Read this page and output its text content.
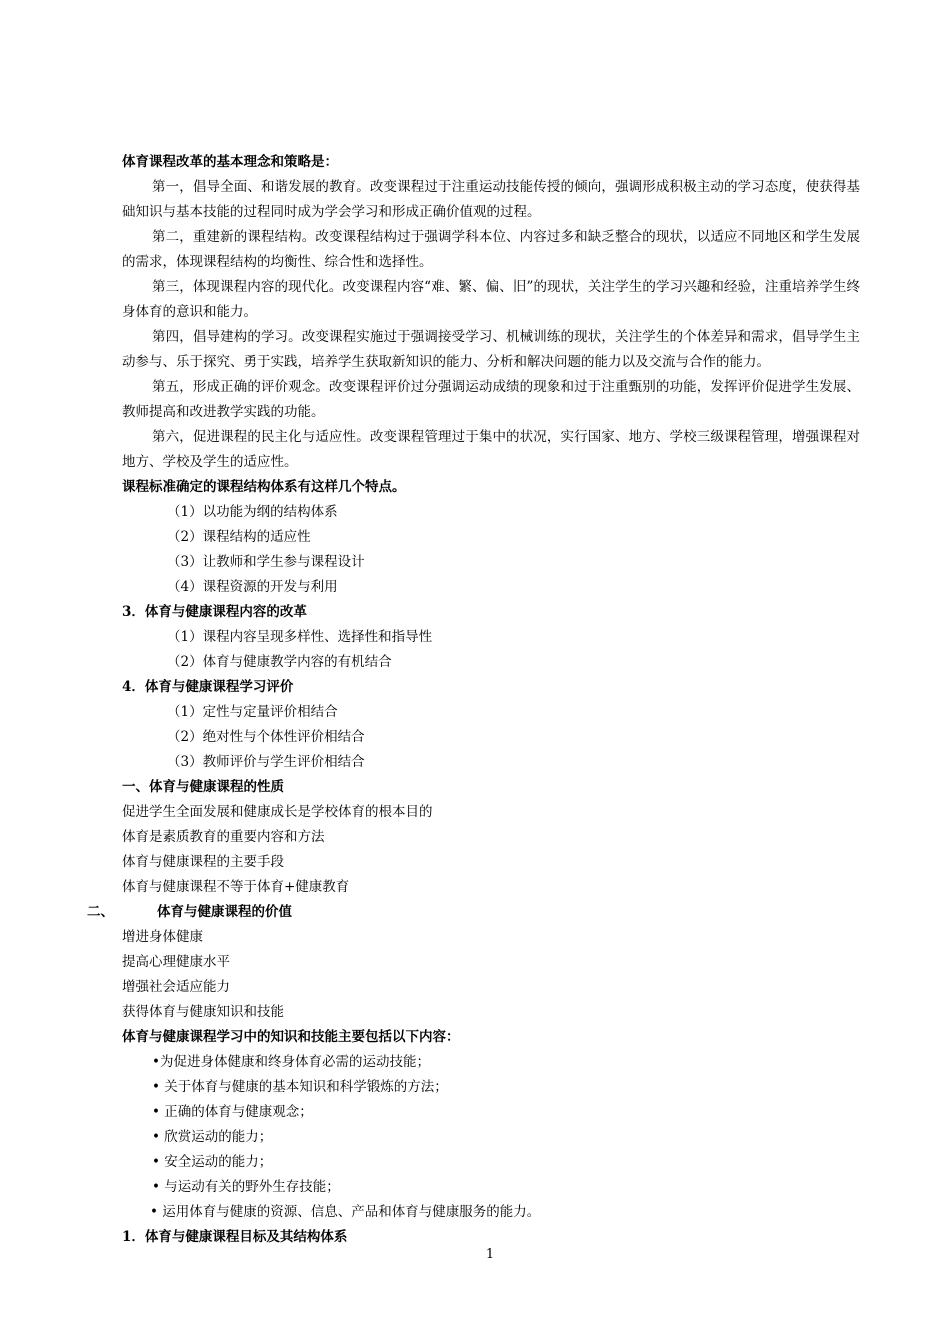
体育课程改革的基本理念和策略是：
第一，倡导全面、和谐发展的教育。改变课程过于注重运动技能传授的倾向，强调形成积极主动的学习态度，使获得基础知识与基本技能的过程同时成为学会学习和形成正确价值观的过程。
第二，重建新的课程结构。改变课程结构过于强调学科本位、内容过多和缺乏整合的现状，以适应不同地区和学生发展的需求，体现课程结构的均衡性、综合性和选择性。
第三，体现课程内容的现代化。改变课程内容“难、繁、偏、旧”的现状，关注学生的学习兴趣和经验，注重培养学生终身体育的意识和能力。
第四，倡导建构的学习。改变课程实施过于强调接受学习、机械训练的现状，关注学生的个体差异和需求，倡导学生主动参与、乐于探究、勇于实践，培养学生获取新知识的能力、分析和解决问题的能力以及交流与合作的能力。
第五，形成正确的评价观念。改变课程评价过分强调运动成绩的现象和过于注重甄别的功能，发挥评价促进学生发展、教师提高和改进教学实践的功能。
第六，促进课程的民主化与适应性。改变课程管理过于集中的状况，实行国家、地方、学校三级课程管理，增强课程对地方、学校及学生的适应性。
课程标准确定的课程结构体系有这样几个特点。
（1）以功能为纲的结构体系
（2）课程结构的适应性
（3）让教师和学生参与课程设计
（4）课程资源的开发与利用
3．体育与健康课程内容的改革
（1）课程内容呈现多样性、选择性和指导性
（2）体育与健康教学内容的有机结合
4．体育与健康课程学习评价
（1）定性与定量评价相结合
（2）绝对性与个体性评价相结合
（3）教师评价与学生评价相结合
一、体育与健康课程的性质
促进学生全面发展和健康成长是学校体育的根本目的
体育是素质教育的重要内容和方法
体育与健康课程的主要手段
体育与健康课程不等于体育+健康教育
二、	体育与健康课程的价值
增进身体健康
提高心理健康水平
增强社会适应能力
获得体育与健康知识和技能
体育与健康课程学习中的知识和技能主要包括以下内容：
•为促进身体健康和终身体育必需的运动技能；
• 关于体育与健康的基本知识和科学锻炼的方法；
• 正确的体育与健康观念；
• 欣赏运动的能力；
• 安全运动的能力；
• 与运动有关的野外生存技能；
• 运用体育与健康的资源、信息、产品和体育与健康服务的能力。
1．体育与健康课程目标及其结构体系
1
